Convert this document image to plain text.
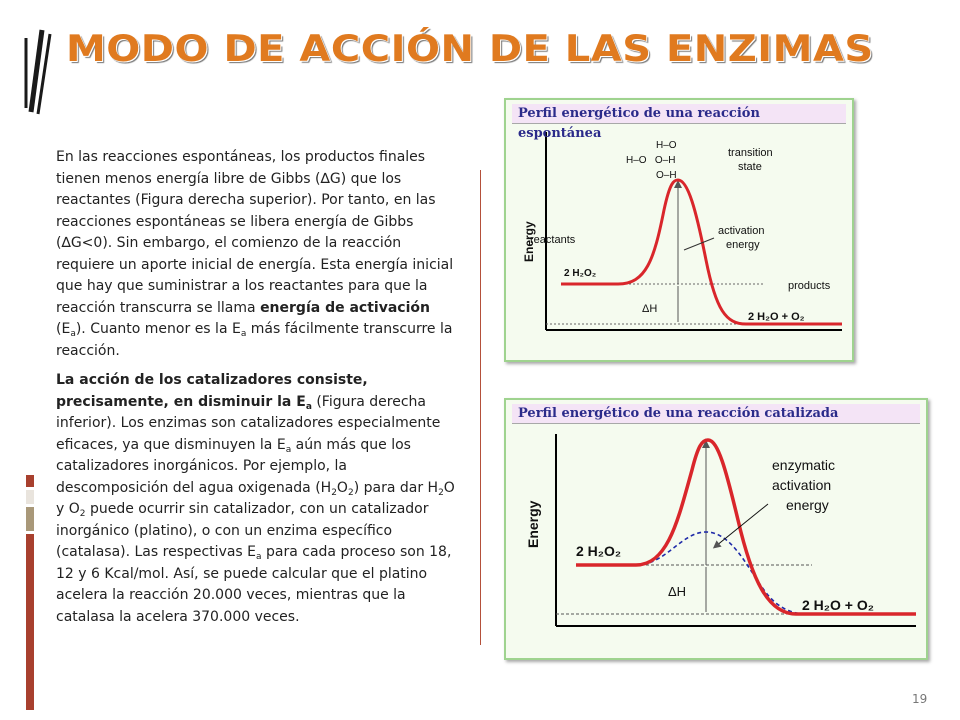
MODO DE ACCIÓN DE LAS ENZIMAS

En las reacciones espontáneas, los productos finales tienen menos energía libre de Gibbs (∆G) que los reactantes (Figura derecha superior). Por tanto, en las reacciones espontáneas se libera energía de Gibbs (∆G<0). Sin embargo, el comienzo de la reacción requiere un aporte inicial de energía. Esta energía inicial que hay que suministrar a los reactantes para que la reacción transcurra se llama energía de activación $(E_a)$. Cuanto menor es la $E_a$ más fácilmente transcurre la reacción.

La acción de los catalizadores consiste, precisamente, en disminuir la $E_a$ (Figura derecha inferior). Los enzimas son catalizadores especialmente eficaces, ya que disminuyen la $E_a$ aún más que los catalizadores inorgánicos. Por ejemplo, la descomposición del agua oxigenada $(H_2O_2)$ para dar $H_2O$ y $O_2$ puede ocurrir sin catalizador, con un catalizador inorgánico (platino), o con un enzima específico (catalasa). Las respectivas $E_a$ para cada proceso son 18, 12 y 6 Kcal/mol. Así, se puede calcular que el platino acelera la reacción 20.000 veces, mientras que la catalasa la acelera 370.000 veces.

Energy
H–O
H–O   O–H
O–H
transition
state
reactants
activation
energy
products
2 H₂O₂
2 H₂O + O₂
ΔH
Perfil energético de una reacción espontánea
Energy
enzymatic
activation
energy
2 H₂O₂
2 H₂O + O₂
ΔH
Perfil energético de una reacción catalizada
19
